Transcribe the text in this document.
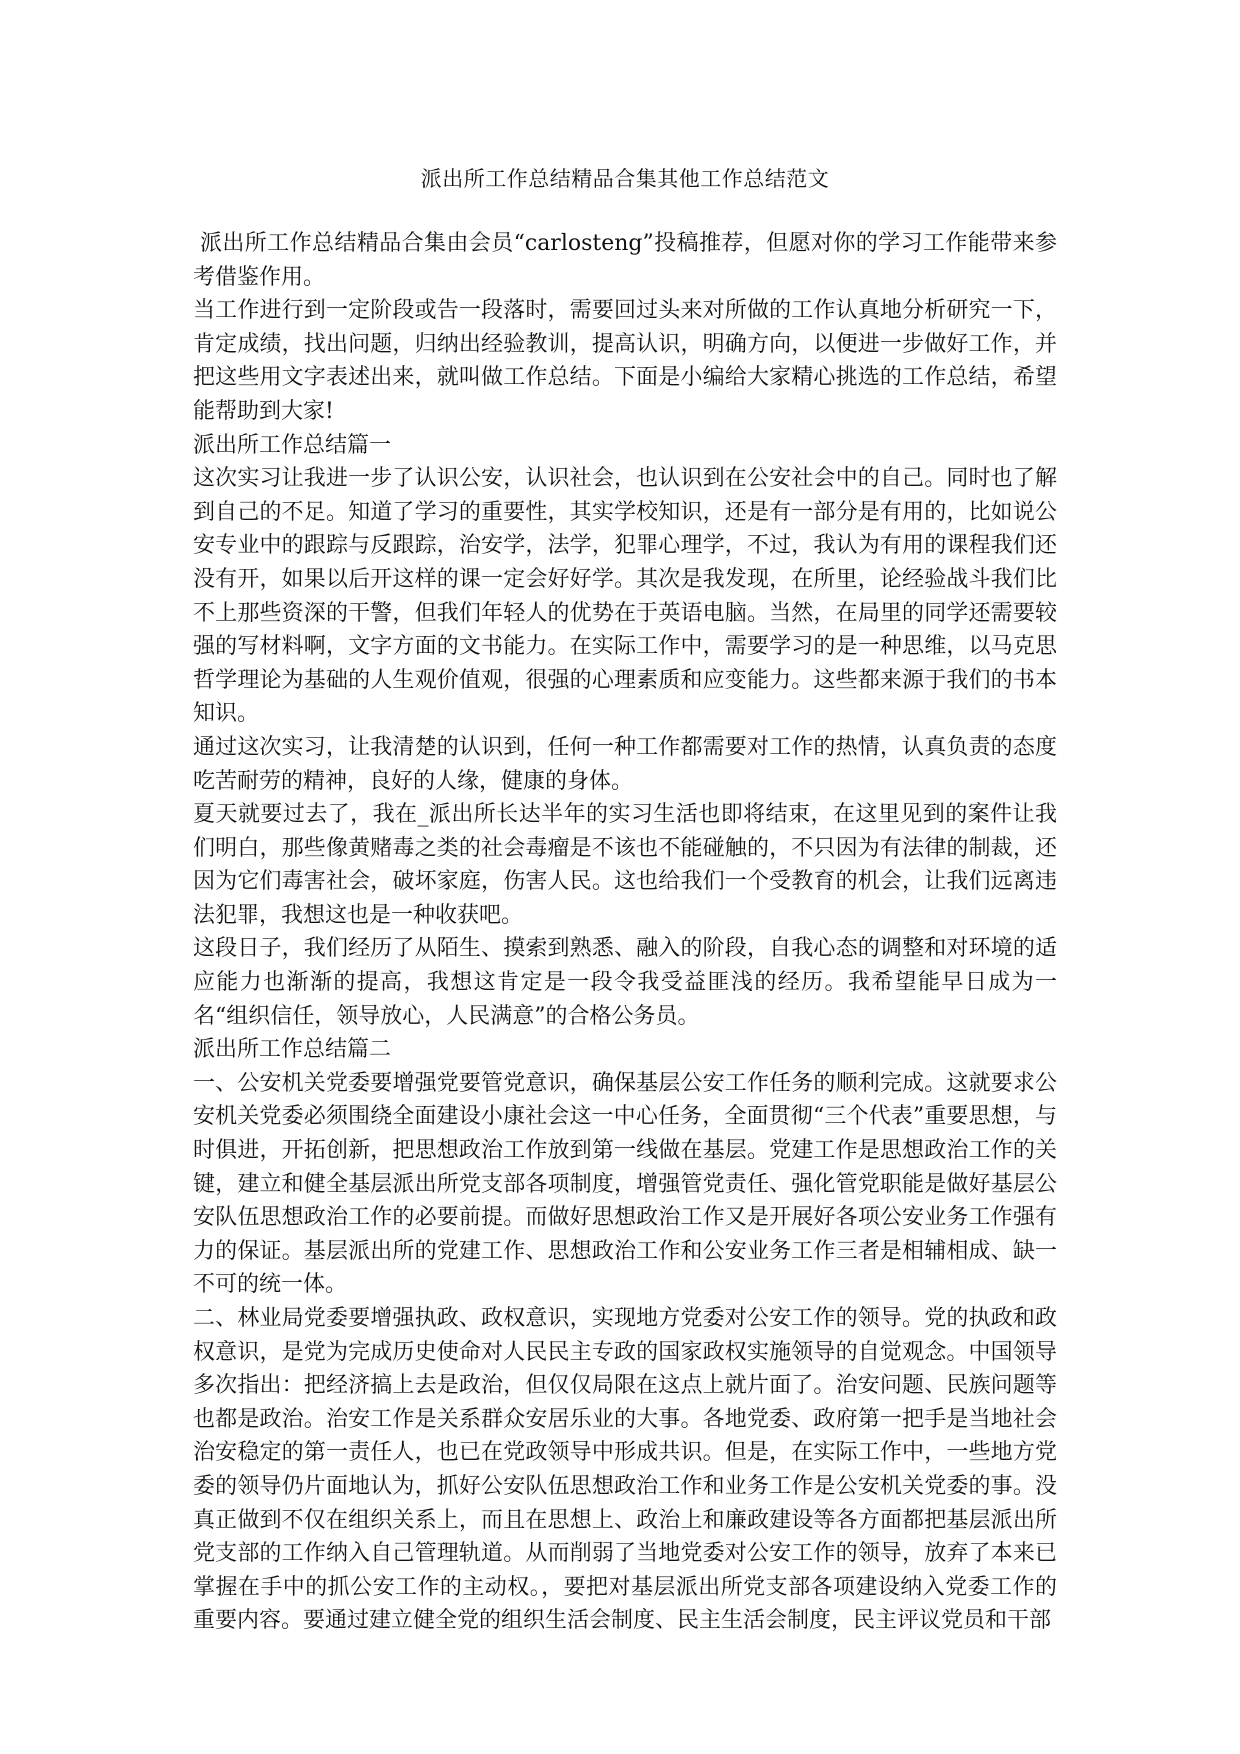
派出所工作总结精品合集其他工作总结范文

派出所工作总结精品合集由会员“carlosteng”投稿推荐，但愿对你的学习工作能带来参考借鉴作用。

当工作进行到一定阶段或告一段落时，需要回过头来对所做的工作认真地分析研究一下，肯定成绩，找出问题，归纳出经验教训，提高认识，明确方向，以便进一步做好工作，并把这些用文字表述出来，就叫做工作总结。下面是小编给大家精心挑选的工作总结，希望能帮助到大家!

派出所工作总结篇一

这次实习让我进一步了认识公安，认识社会，也认识到在公安社会中的自己。同时也了解到自己的不足。知道了学习的重要性，其实学校知识，还是有一部分是有用的，比如说公安专业中的跟踪与反跟踪，治安学，法学，犯罪心理学，不过，我认为有用的课程我们还没有开，如果以后开这样的课一定会好好学。其次是我发现，在所里，论经验战斗我们比不上那些资深的干警，但我们年轻人的优势在于英语电脑。当然，在局里的同学还需要较强的写材料啊，文字方面的文书能力。在实际工作中，需要学习的是一种思维，以马克思哲学理论为基础的人生观价值观，很强的心理素质和应变能力。这些都来源于我们的书本知识。

通过这次实习，让我清楚的认识到，任何一种工作都需要对工作的热情，认真负责的态度吃苦耐劳的精神，良好的人缘，健康的身体。

夏天就要过去了，我在_派出所长达半年的实习生活也即将结束，在这里见到的案件让我们明白，那些像黄赌毒之类的社会毒瘤是不该也不能碰触的，不只因为有法律的制裁，还因为它们毒害社会，破坏家庭，伤害人民。这也给我们一个受教育的机会，让我们远离违法犯罪，我想这也是一种收获吧。

这段日子，我们经历了从陌生、摸索到熟悉、融入的阶段，自我心态的调整和对环境的适应能力也渐渐的提高，我想这肯定是一段令我受益匪浅的经历。我希望能早日成为一名“组织信任，领导放心，人民满意”的合格公务员。

派出所工作总结篇二

一、公安机关党委要增强党要管党意识，确保基层公安工作任务的顺利完成。这就要求公安机关党委必须围绕全面建设小康社会这一中心任务，全面贯彻“三个代表”重要思想，与时俱进，开拓创新，把思想政治工作放到第一线做在基层。党建工作是思想政治工作的关键，建立和健全基层派出所党支部各项制度，增强管党责任、强化管党职能是做好基层公安队伍思想政治工作的必要前提。而做好思想政治工作又是开展好各项公安业务工作强有力的保证。基层派出所的党建工作、思想政治工作和公安业务工作三者是相辅相成、缺一不可的统一体。

二、林业局党委要增强执政、政权意识，实现地方党委对公安工作的领导。党的执政和政权意识，是党为完成历史使命对人民民主专政的国家政权实施领导的自觉观念。中国领导多次指出：把经济搞上去是政治，但仅仅局限在这点上就片面了。治安问题、民族问题等也都是政治。治安工作是关系群众安居乐业的大事。各地党委、政府第一把手是当地社会治安稳定的第一责任人，也已在党政领导中形成共识。但是，在实际工作中，一些地方党委的领导仍片面地认为，抓好公安队伍思想政治工作和业务工作是公安机关党委的事。没真正做到不仅在组织关系上，而且在思想上、政治上和廉政建设等各方面都把基层派出所党支部的工作纳入自己管理轨道。从而削弱了当地党委对公安工作的领导，放弃了本来已掌握在手中的抓公安工作的主动权。，要把对基层派出所党支部各项建设纳入党委工作的重要内容。要通过建立健全党的组织生活会制度、民主生活会制度，民主评议党员和干部
